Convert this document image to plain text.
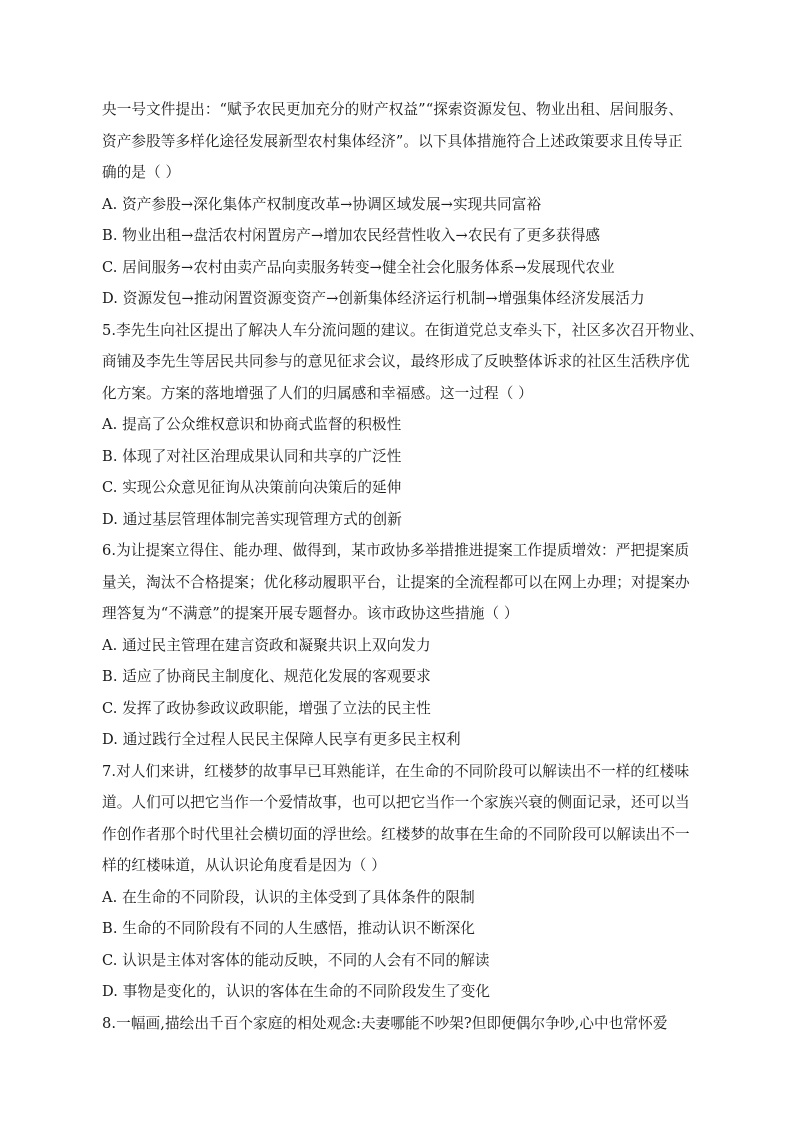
央一号文件提出：“赋予农民更加充分的财产权益”“探索资源发包、物业出租、居间服务、
资产参股等多样化途径发展新型农村集体经济”。以下具体措施符合上述政策要求且传导正
确的是（ ）
A. 资产参股→深化集体产权制度改革→协调区域发展→实现共同富裕
B. 物业出租→盘活农村闲置房产→增加农民经营性收入→农民有了更多获得感
C. 居间服务→农村由卖产品向卖服务转变→健全社会化服务体系→发展现代农业
D. 资源发包→推动闲置资源变资产→创新集体经济运行机制→增强集体经济发展活力
5.李先生向社区提出了解决人车分流问题的建议。在街道党总支牵头下，社区多次召开物业、
商铺及李先生等居民共同参与的意见征求会议，最终形成了反映整体诉求的社区生活秩序优
化方案。方案的落地增强了人们的归属感和幸福感。这一过程（ ）
A. 提高了公众维权意识和协商式监督的积极性
B. 体现了对社区治理成果认同和共享的广泛性
C. 实现公众意见征询从决策前向决策后的延伸
D. 通过基层管理体制完善实现管理方式的创新
6.为让提案立得住、能办理、做得到，某市政协多举措推进提案工作提质增效：严把提案质
量关，淘汰不合格提案；优化移动履职平台，让提案的全流程都可以在网上办理；对提案办
理答复为“不满意”的提案开展专题督办。该市政协这些措施（ ）
A. 通过民主管理在建言资政和凝聚共识上双向发力
B. 适应了协商民主制度化、规范化发展的客观要求
C. 发挥了政协参政议政职能，增强了立法的民主性
D. 通过践行全过程人民民主保障人民享有更多民主权利
7.对人们来讲，红楼梦的故事早已耳熟能详，在生命的不同阶段可以解读出不一样的红楼味
道。人们可以把它当作一个爱情故事，也可以把它当作一个家族兴衰的侧面记录，还可以当
作创作者那个时代里社会横切面的浮世绘。红楼梦的故事在生命的不同阶段可以解读出不一
样的红楼味道，从认识论角度看是因为（ ）
A. 在生命的不同阶段，认识的主体受到了具体条件的限制
B. 生命的不同阶段有不同的人生感悟，推动认识不断深化
C. 认识是主体对客体的能动反映，不同的人会有不同的解读
D. 事物是变化的，认识的客体在生命的不同阶段发生了变化
8.一幅画,描绘出千百个家庭的相处观念:夫妻哪能不吵架?但即便偶尔争吵,心中也常怀爱
